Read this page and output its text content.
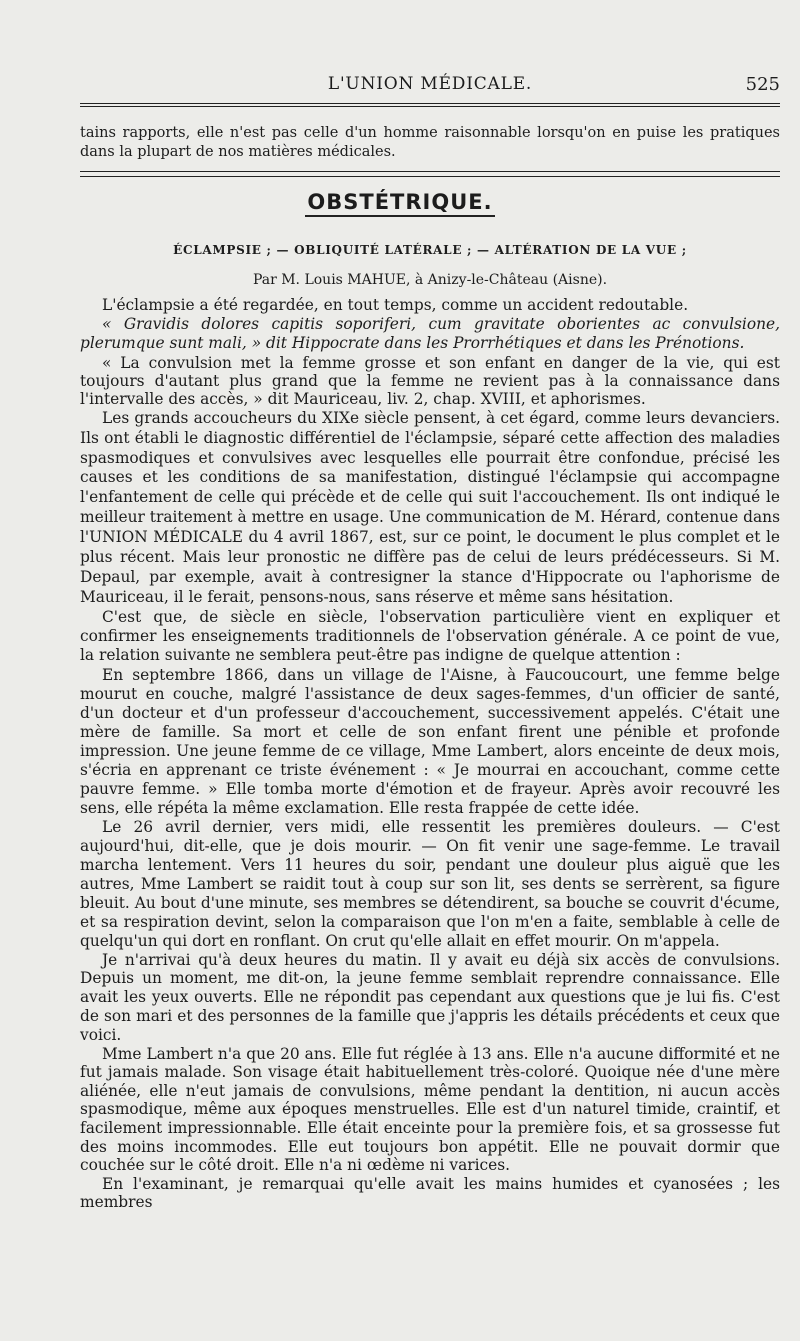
L'UNION MÉDICALE.	525

tains rapports, elle n'est pas celle d'un homme raisonnable lorsqu'on en puise les pratiques dans la plupart de nos matières médicales.

OBSTÉTRIQUE.
ÉCLAMPSIE ; — OBLIQUITÉ LATÉRALE ; — ALTÉRATION DE LA VUE ;
Par M. Louis MAHUE, à Anizy-le-Château (Aisne).

L'éclampsie a été regardée, en tout temps, comme un accident redoutable.

« Gravidis dolores capitis soporiferi, cum gravitate oborientes ac convulsione, plerumque sunt mali, » dit Hippocrate dans les Prorrhétiques et dans les Prénotions.

« La convulsion met la femme grosse et son enfant en danger de la vie, qui est toujours d'autant plus grand que la femme ne revient pas à la connaissance dans l'intervalle des accès, » dit Mauriceau, liv. 2, chap. XVIII, et aphorismes.

Les grands accoucheurs du XIXe siècle pensent, à cet égard, comme leurs devanciers. Ils ont établi le diagnostic différentiel de l'éclampsie, séparé cette affection des maladies spasmodiques et convulsives avec lesquelles elle pourrait être confondue, précisé les causes et les conditions de sa manifestation, distingué l'éclampsie qui accompagne l'enfantement de celle qui précède et de celle qui suit l'accouchement. Ils ont indiqué le meilleur traitement à mettre en usage. Une communication de M. Hérard, contenue dans l'UNION MÉDICALE du 4 avril 1867, est, sur ce point, le document le plus complet et le plus récent. Mais leur pronostic ne diffère pas de celui de leurs prédécesseurs. Si M. Depaul, par exemple, avait à contresigner la stance d'Hippocrate ou l'aphorisme de Mauriceau, il le ferait, pensons-nous, sans réserve et même sans hésitation.

C'est que, de siècle en siècle, l'observation particulière vient en expliquer et confirmer les enseignements traditionnels de l'observation générale. A ce point de vue, la relation suivante ne semblera peut-être pas indigne de quelque attention :

En septembre 1866, dans un village de l'Aisne, à Faucoucourt, une femme belge mourut en couche, malgré l'assistance de deux sages-femmes, d'un officier de santé, d'un docteur et d'un professeur d'accouchement, successivement appelés. C'était une mère de famille. Sa mort et celle de son enfant firent une pénible et profonde impression. Une jeune femme de ce village, Mme Lambert, alors enceinte de deux mois, s'écria en apprenant ce triste événement : « Je mourrai en accouchant, comme cette pauvre femme. » Elle tomba morte d'émotion et de frayeur. Après avoir recouvré les sens, elle répéta la même exclamation. Elle resta frappée de cette idée.

Le 26 avril dernier, vers midi, elle ressentit les premières douleurs. — C'est aujourd'hui, dit-elle, que je dois mourir. — On fit venir une sage-femme. Le travail marcha lentement. Vers 11 heures du soir, pendant une douleur plus aiguë que les autres, Mme Lambert se raidit tout à coup sur son lit, ses dents se serrèrent, sa figure bleuit. Au bout d'une minute, ses membres se détendirent, sa bouche se couvrit d'écume, et sa respiration devint, selon la comparaison que l'on m'en a faite, semblable à celle de quelqu'un qui dort en ronflant. On crut qu'elle allait en effet mourir. On m'appela.

Je n'arrivai qu'à deux heures du matin. Il y avait eu déjà six accès de convulsions. Depuis un moment, me dit-on, la jeune femme semblait reprendre connaissance. Elle avait les yeux ouverts. Elle ne répondit pas cependant aux questions que je lui fis. C'est de son mari et des personnes de la famille que j'appris les détails précédents et ceux que voici.

Mme Lambert n'a que 20 ans. Elle fut réglée à 13 ans. Elle n'a aucune difformité et ne fut jamais malade. Son visage était habituellement très-coloré. Quoique née d'une mère aliénée, elle n'eut jamais de convulsions, même pendant la dentition, ni aucun accès spasmodique, même aux époques menstruelles. Elle est d'un naturel timide, craintif, et facilement impressionnable. Elle était enceinte pour la première fois, et sa grossesse fut des moins incommodes. Elle eut toujours bon appétit. Elle ne pouvait dormir que couchée sur le côté droit. Elle n'a ni œdème ni varices.

En l'examinant, je remarquai qu'elle avait les mains humides et cyanosées ; les membres
